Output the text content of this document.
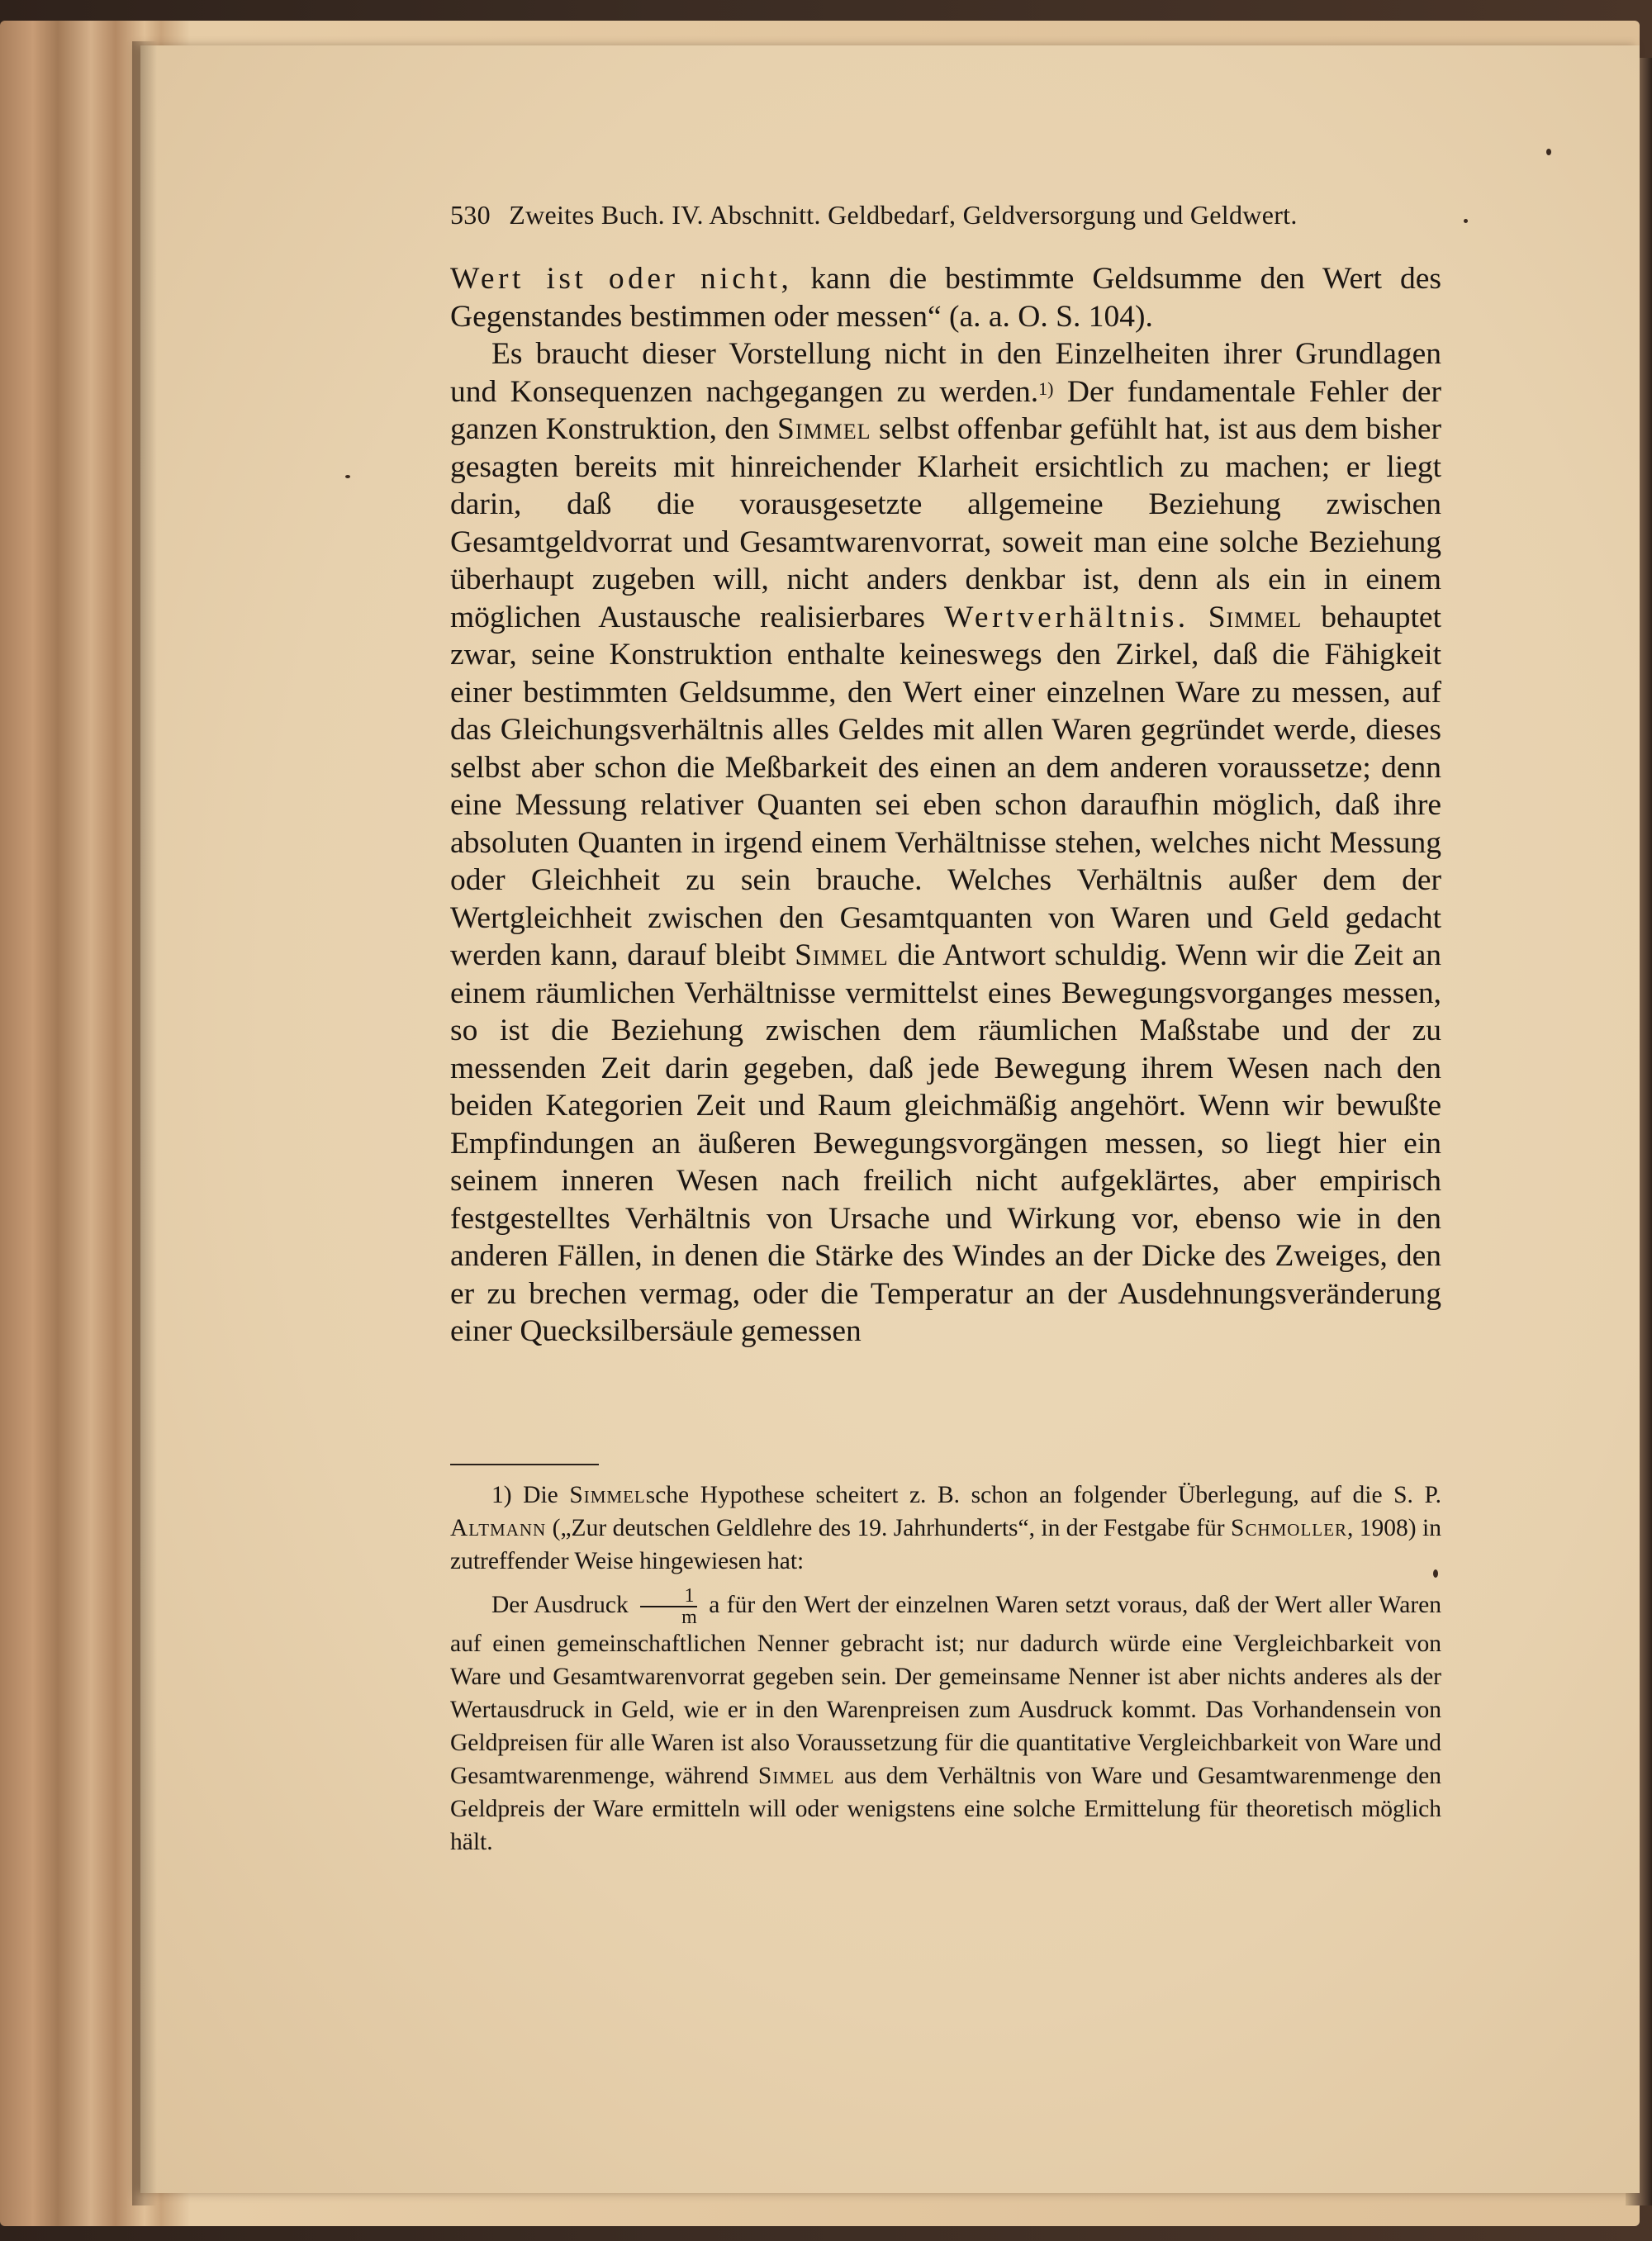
530 Zweites Buch. IV. Abschnitt. Geldbedarf, Geldversorgung und Geldwert.

Wert ist oder nicht, kann die bestimmte Geldsumme den Wert des Gegenstandes bestimmen oder messen“ (a. a. O. S. 104).

Es braucht dieser Vorstellung nicht in den Einzelheiten ihrer Grundlagen und Konsequenzen nachgegangen zu werden.$^{1)}$ Der fundamentale Fehler der ganzen Konstruktion, den Simmel selbst offenbar gefühlt hat, ist aus dem bisher gesagten bereits mit hinreichender Klarheit ersichtlich zu machen; er liegt darin, daß die vorausgesetzte allgemeine Beziehung zwischen Gesamtgeldvorrat und Gesamtwarenvorrat, soweit man eine solche Beziehung überhaupt zugeben will, nicht anders denkbar ist, denn als ein in einem möglichen Austausche realisierbares Wertverhältnis. Simmel behauptet zwar, seine Konstruktion enthalte keineswegs den Zirkel, daß die Fähigkeit einer bestimmten Geldsumme, den Wert einer einzelnen Ware zu messen, auf das Gleichungsverhältnis alles Geldes mit allen Waren gegründet werde, dieses selbst aber schon die Meßbarkeit des einen an dem anderen voraussetze; denn eine Messung relativer Quanten sei eben schon daraufhin möglich, daß ihre absoluten Quanten in irgend einem Verhältnisse stehen, welches nicht Messung oder Gleichheit zu sein brauche. Welches Verhältnis außer dem der Wertgleichheit zwischen den Gesamtquanten von Waren und Geld gedacht werden kann, darauf bleibt Simmel die Antwort schuldig. Wenn wir die Zeit an einem räumlichen Verhältnisse vermittelst eines Bewegungsvorganges messen, so ist die Beziehung zwischen dem räumlichen Maßstabe und der zu messenden Zeit darin gegeben, daß jede Bewegung ihrem Wesen nach den beiden Kategorien Zeit und Raum gleichmäßig angehört. Wenn wir bewußte Empfindungen an äußeren Bewegungsvorgängen messen, so liegt hier ein seinem inneren Wesen nach freilich nicht aufgeklärtes, aber empirisch festgestelltes Verhältnis von Ursache und Wirkung vor, ebenso wie in den anderen Fällen, in denen die Stärke des Windes an der Dicke des Zweiges, den er zu brechen vermag, oder die Temperatur an der Ausdehnungsveränderung einer Quecksilbersäule gemessen

1) Die Simmelsche Hypothese scheitert z. B. schon an folgender Überlegung, auf die S. P. Altmann („Zur deutschen Geldlehre des 19. Jahrhunderts“, in der Festgabe für Schmoller, 1908) in zutreffender Weise hingewiesen hat:

Der Ausdruck $\frac{1}{m}$ a für den Wert der einzelnen Waren setzt voraus, daß der Wert aller Waren auf einen gemeinschaftlichen Nenner gebracht ist; nur dadurch würde eine Vergleichbarkeit von Ware und Gesamtwarenvorrat gegeben sein. Der gemeinsame Nenner ist aber nichts anderes als der Wertausdruck in Geld, wie er in den Warenpreisen zum Ausdruck kommt. Das Vorhandensein von Geldpreisen für alle Waren ist also Voraussetzung für die quantitative Vergleichbarkeit von Ware und Gesamtwarenmenge, während Simmel aus dem Verhältnis von Ware und Gesamtwarenmenge den Geldpreis der Ware ermitteln will oder wenigstens eine solche Ermittelung für theoretisch möglich hält.
